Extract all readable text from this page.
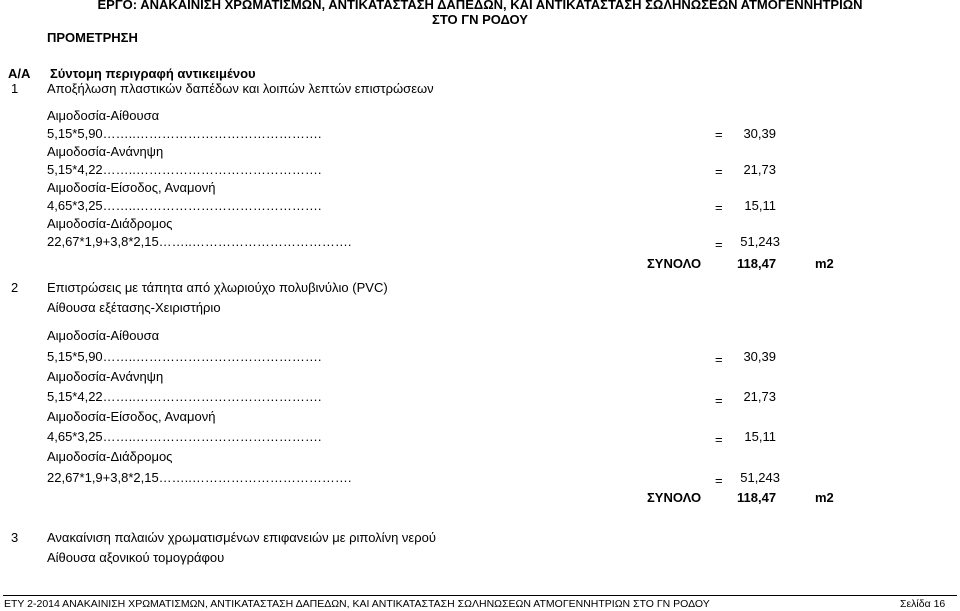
ΕΡΓΟ: ΑΝΑΚΑΙΝΙΣΗ ΧΡΩΜΑΤΙΣΜΩΝ, ΑΝΤΙΚΑΤΑΣΤΑΣΗ ΔΑΠΕΔΩΝ, ΚΑΙ ΑΝΤΙΚΑΤΑΣΤΑΣΗ ΣΩΛΗΝΩΣΕΩΝ ΑΤΜΟΓΕΝΝΗΤΡΙΩΝ
ΣΤΟ ΓΝ ΡΟΔΟΥ
ΠΡΟΜΕΤΡΗΣΗ
Α/Α Σύντομη περιγραφή αντικειμένου
1 Αποξήλωση πλαστικών δαπέδων και λοιπών λεπτών επιστρώσεων
Αιμοδοσία-Αίθουσα
5,15*5,90……..…………………………………….	=	30,39
Αιμοδοσία-Ανάνηψη
5,15*4,22……..…………………………………….	=	21,73
Αιμοδοσία-Είσοδος, Αναμονή
4,65*3,25……..…………………………………….	=	15,11
Αιμοδοσία-Διάδρομος
22,67*1,9+3,8*2,15……..……………………………….	=	51,243
ΣΥΝΟΛΟ	118,47	m2
2 Επιστρώσεις με τάπητα από χλωριούχο πολυβινύλιο (PVC)
Αίθουσα εξέτασης-Χειριστήριο
Αιμοδοσία-Αίθουσα
5,15*5,90……..…………………………………….	=	30,39
Αιμοδοσία-Ανάνηψη
5,15*4,22……..…………………………………….	=	21,73
Αιμοδοσία-Είσοδος, Αναμονή
4,65*3,25……..…………………………………….	=	15,11
Αιμοδοσία-Διάδρομος
22,67*1,9+3,8*2,15……..……………………………….	=	51,243
ΣΥΝΟΛΟ	118,47	m2
3 Ανακαίνιση παλαιών χρωματισμένων επιφανειών με ριπολίνη νερού
Αίθουσα αξονικού τομογράφου
ΕΤΥ 2-2014 ΑΝΑΚΑΙΝΙΣΗ ΧΡΩΜΑΤΙΣΜΩΝ, ΑΝΤΙΚΑΤΑΣΤΑΣΗ ΔΑΠΕΔΩΝ, ΚΑΙ ΑΝΤΙΚΑΤΑΣΤΑΣΗ ΣΩΛΗΝΩΣΕΩΝ ΑΤΜΟΓΕΝΝΗΤΡΙΩΝ ΣΤΟ ΓΝ ΡΟΔΟΥ	Σελίδα 16
